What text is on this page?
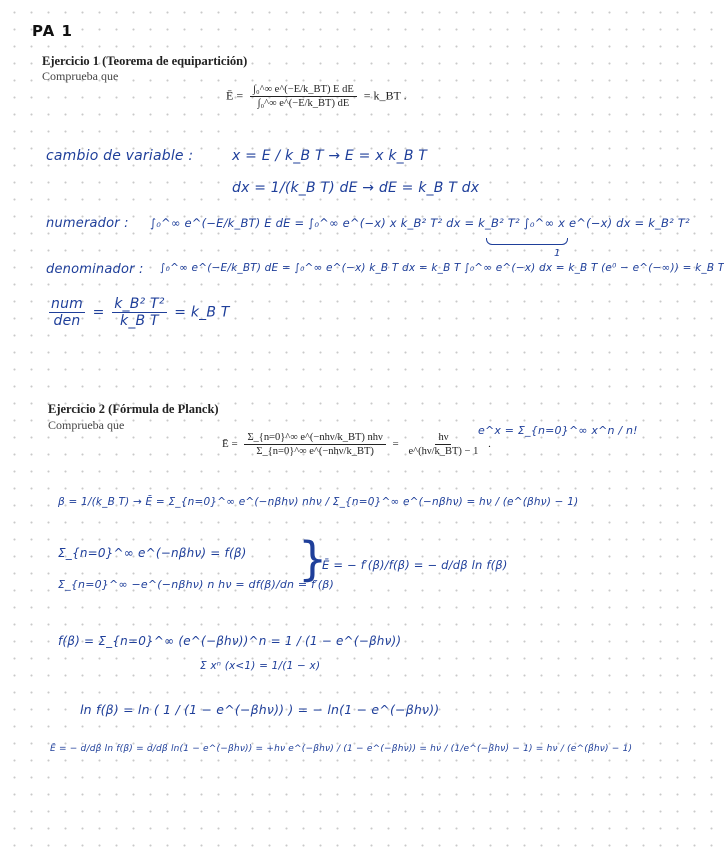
PA 1
Ejercicio 1 (Teorema de equipartición)
Comprueba que
Ē = $\frac{\text{∫₀\textasciicircum{}∞ e\textasciicircum{}(−E/k\_BT) E dE}}{\text{∫₀\textasciicircum{}∞ e\textasciicircum{}(−E/k\_BT) dE}}$ = k_BT .
cambio de variable :	x = E / k_B T → E = x k_B T
dx = 1/(k_B T) dE → dE = k_B T dx
numerador : ∫₀^∞ e^(−E/k_BT) E dE = ∫₀^∞ e^(−x) x k_B² T² dx = k_B² T² ∫₀^∞ x e^(−x) dx = k_B² T²
denominador : ∫₀^∞ e^(−E/k_BT) dE = ∫₀^∞ e^(−x) k_B T dx = k_B T ∫₀^∞ e^(−x) dx = k_B T (e⁰ − e^(−∞)) = k_B T
1
$\frac{\text{num}}{\text{den}} = \frac{\text{k\_B² T²}}{\text{k\_B T}}$ = k_B T
Ejercicio 2 (Fórmula de Planck)
Comprueba que
Ē = $\frac{\text{Σ\_\{n=0\}\textasciicircum{}∞ e\textasciicircum{}(−nhν/k\_BT) nhν}}{\text{Σ\_\{n=0\}\textasciicircum{}∞ e\textasciicircum{}(−nhν/k\_BT)}} = \frac{h\nu}{e\^{}(h\nu/k\_BT) - 1}$ .
e^x = Σ_{n=0}^∞ x^n / n!
β = 1/(k_B T) → Ē = Σ_{n=0}^∞ e^(−nβhν) nhν / Σ_{n=0}^∞ e^(−nβhν) = hν / (e^(βhν) − 1)
Σ_{n=0}^∞ e^(−nβhν) = f(β)
Σ_{n=0}^∞ −e^(−nβhν) n hν = df(β)/dn = f′(β)
}
Ē = − f′(β)/f(β) = − d/dβ ln f(β)
f(β) = Σ_{n=0}^∞ (e^(−βhν))^n = 1 / (1 − e^(−βhν))
Σ xⁿ (x<1) = 1/(1 − x)
ln f(β) = ln ( 1 / (1 − e^(−βhν)) ) = − ln(1 − e^(−βhν))
Ē = − d/dβ ln f(β) = d/dβ ln(1 − e^(−βhν)) = +hν e^(−βhν) / (1 − e^(−βhν)) = hν / (1/e^(−βhν) − 1) = hν / (e^(βhν) − 1)
